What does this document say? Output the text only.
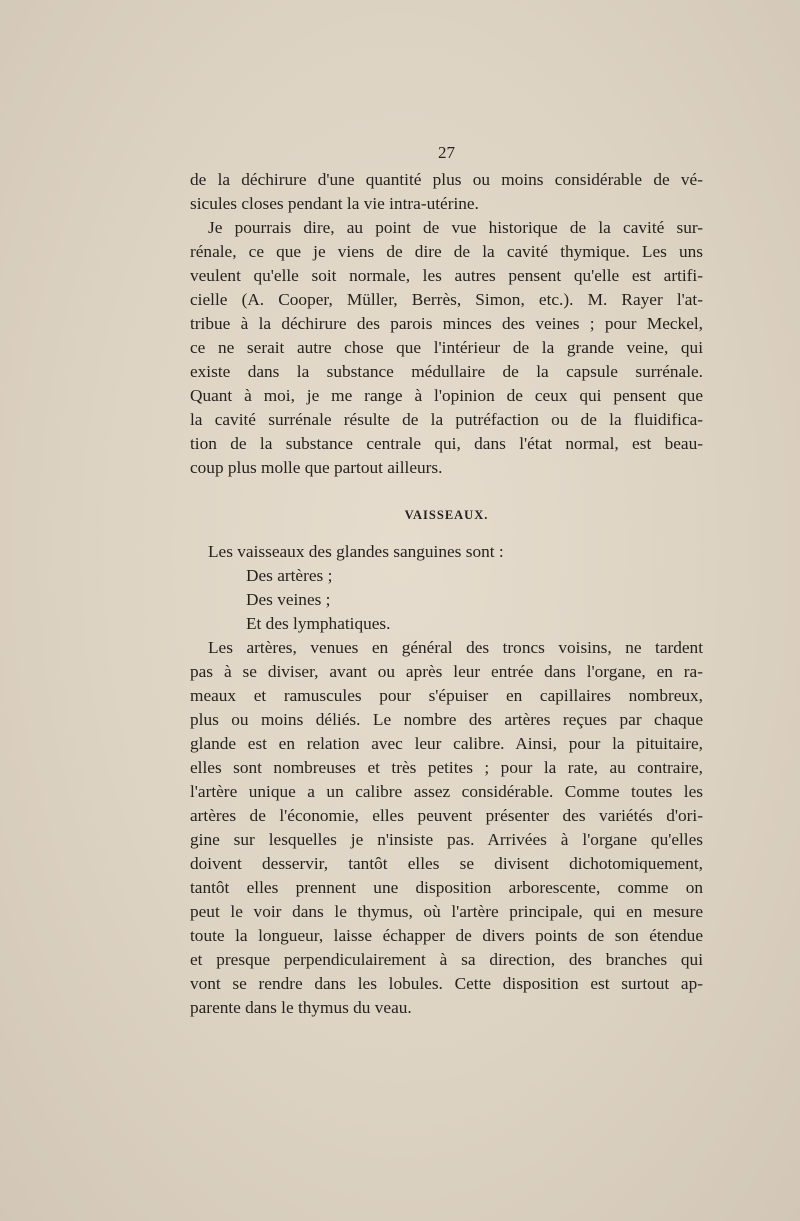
27
de la déchirure d'une quantité plus ou moins considérable de vé-
sicules closes pendant la vie intra-utérine.
Je pourrais dire, au point de vue historique de la cavité sur-
rénale, ce que je viens de dire de la cavité thymique. Les uns
veulent qu'elle soit normale, les autres pensent qu'elle est artifi-
cielle (A. Cooper, Müller, Berrès, Simon, etc.). M. Rayer l'at-
tribue à la déchirure des parois minces des veines ; pour Meckel,
ce ne serait autre chose que l'intérieur de la grande veine, qui
existe dans la substance médullaire de la capsule surrénale.
Quant à moi, je me range à l'opinion de ceux qui pensent que
la cavité surrénale résulte de la putréfaction ou de la fluidifica-
tion de la substance centrale qui, dans l'état normal, est beau-
coup plus molle que partout ailleurs.
VAISSEAUX.
Les vaisseaux des glandes sanguines sont :
Des artères ;
Des veines ;
Et des lymphatiques.
Les artères, venues en général des troncs voisins, ne tardent
pas à se diviser, avant ou après leur entrée dans l'organe, en ra-
meaux et ramuscules pour s'épuiser en capillaires nombreux,
plus ou moins déliés. Le nombre des artères reçues par chaque
glande est en relation avec leur calibre. Ainsi, pour la pituitaire,
elles sont nombreuses et très petites ; pour la rate, au contraire,
l'artère unique a un calibre assez considérable. Comme toutes les
artères de l'économie, elles peuvent présenter des variétés d'ori-
gine sur lesquelles je n'insiste pas. Arrivées à l'organe qu'elles
doivent desservir, tantôt elles se divisent dichotomiquement,
tantôt elles prennent une disposition arborescente, comme on
peut le voir dans le thymus, où l'artère principale, qui en mesure
toute la longueur, laisse échapper de divers points de son étendue
et presque perpendiculairement à sa direction, des branches qui
vont se rendre dans les lobules. Cette disposition est surtout ap-
parente dans le thymus du veau.
